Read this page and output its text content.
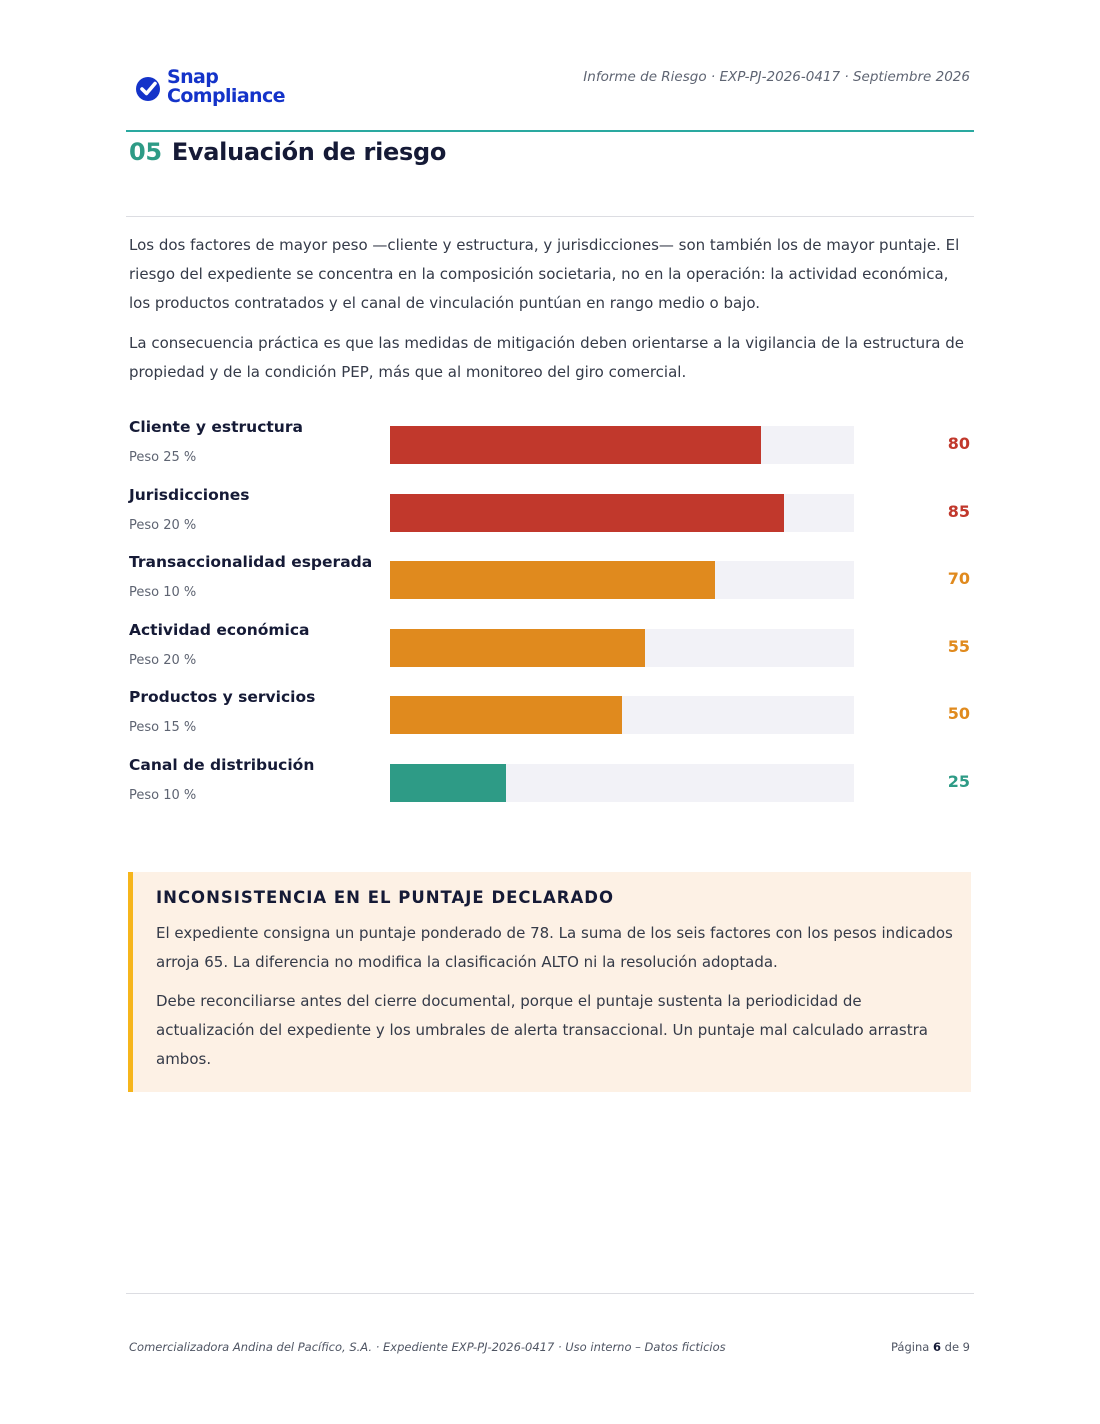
Snap
Compliance
Informe de Riesgo · EXP-PJ-2026-0417 · Septiembre 2026
05 Evaluación de riesgo
Los dos factores de mayor peso —cliente y estructura, y jurisdicciones— son también los de mayor puntaje. El riesgo del expediente se concentra en la composición societaria, no en la operación: la actividad económica, los productos contratados y el canal de vinculación puntúan en rango medio o bajo.
La consecuencia práctica es que las medidas de mitigación deben orientarse a la vigilancia de la estructura de propiedad y de la condición PEP, más que al monitoreo del giro comercial.
Cliente y estructura
Peso 25 %
80
Jurisdicciones
Peso 20 %
85
Transaccionalidad esperada
Peso 10 %
70
Actividad económica
Peso 20 %
55
Productos y servicios
Peso 15 %
50
Canal de distribución
Peso 10 %
25
INCONSISTENCIA EN EL PUNTAJE DECLARADO
El expediente consigna un puntaje ponderado de 78. La suma de los seis factores con los pesos indicados arroja 65. La diferencia no modifica la clasificación ALTO ni la resolución adoptada.
Debe reconciliarse antes del cierre documental, porque el puntaje sustenta la periodicidad de actualización del expediente y los umbrales de alerta transaccional. Un puntaje mal calculado arrastra ambos.
Comercializadora Andina del Pacífico, S.A. · Expediente EXP-PJ-2026-0417 · Uso interno – Datos ficticios	Página 6 de 9
